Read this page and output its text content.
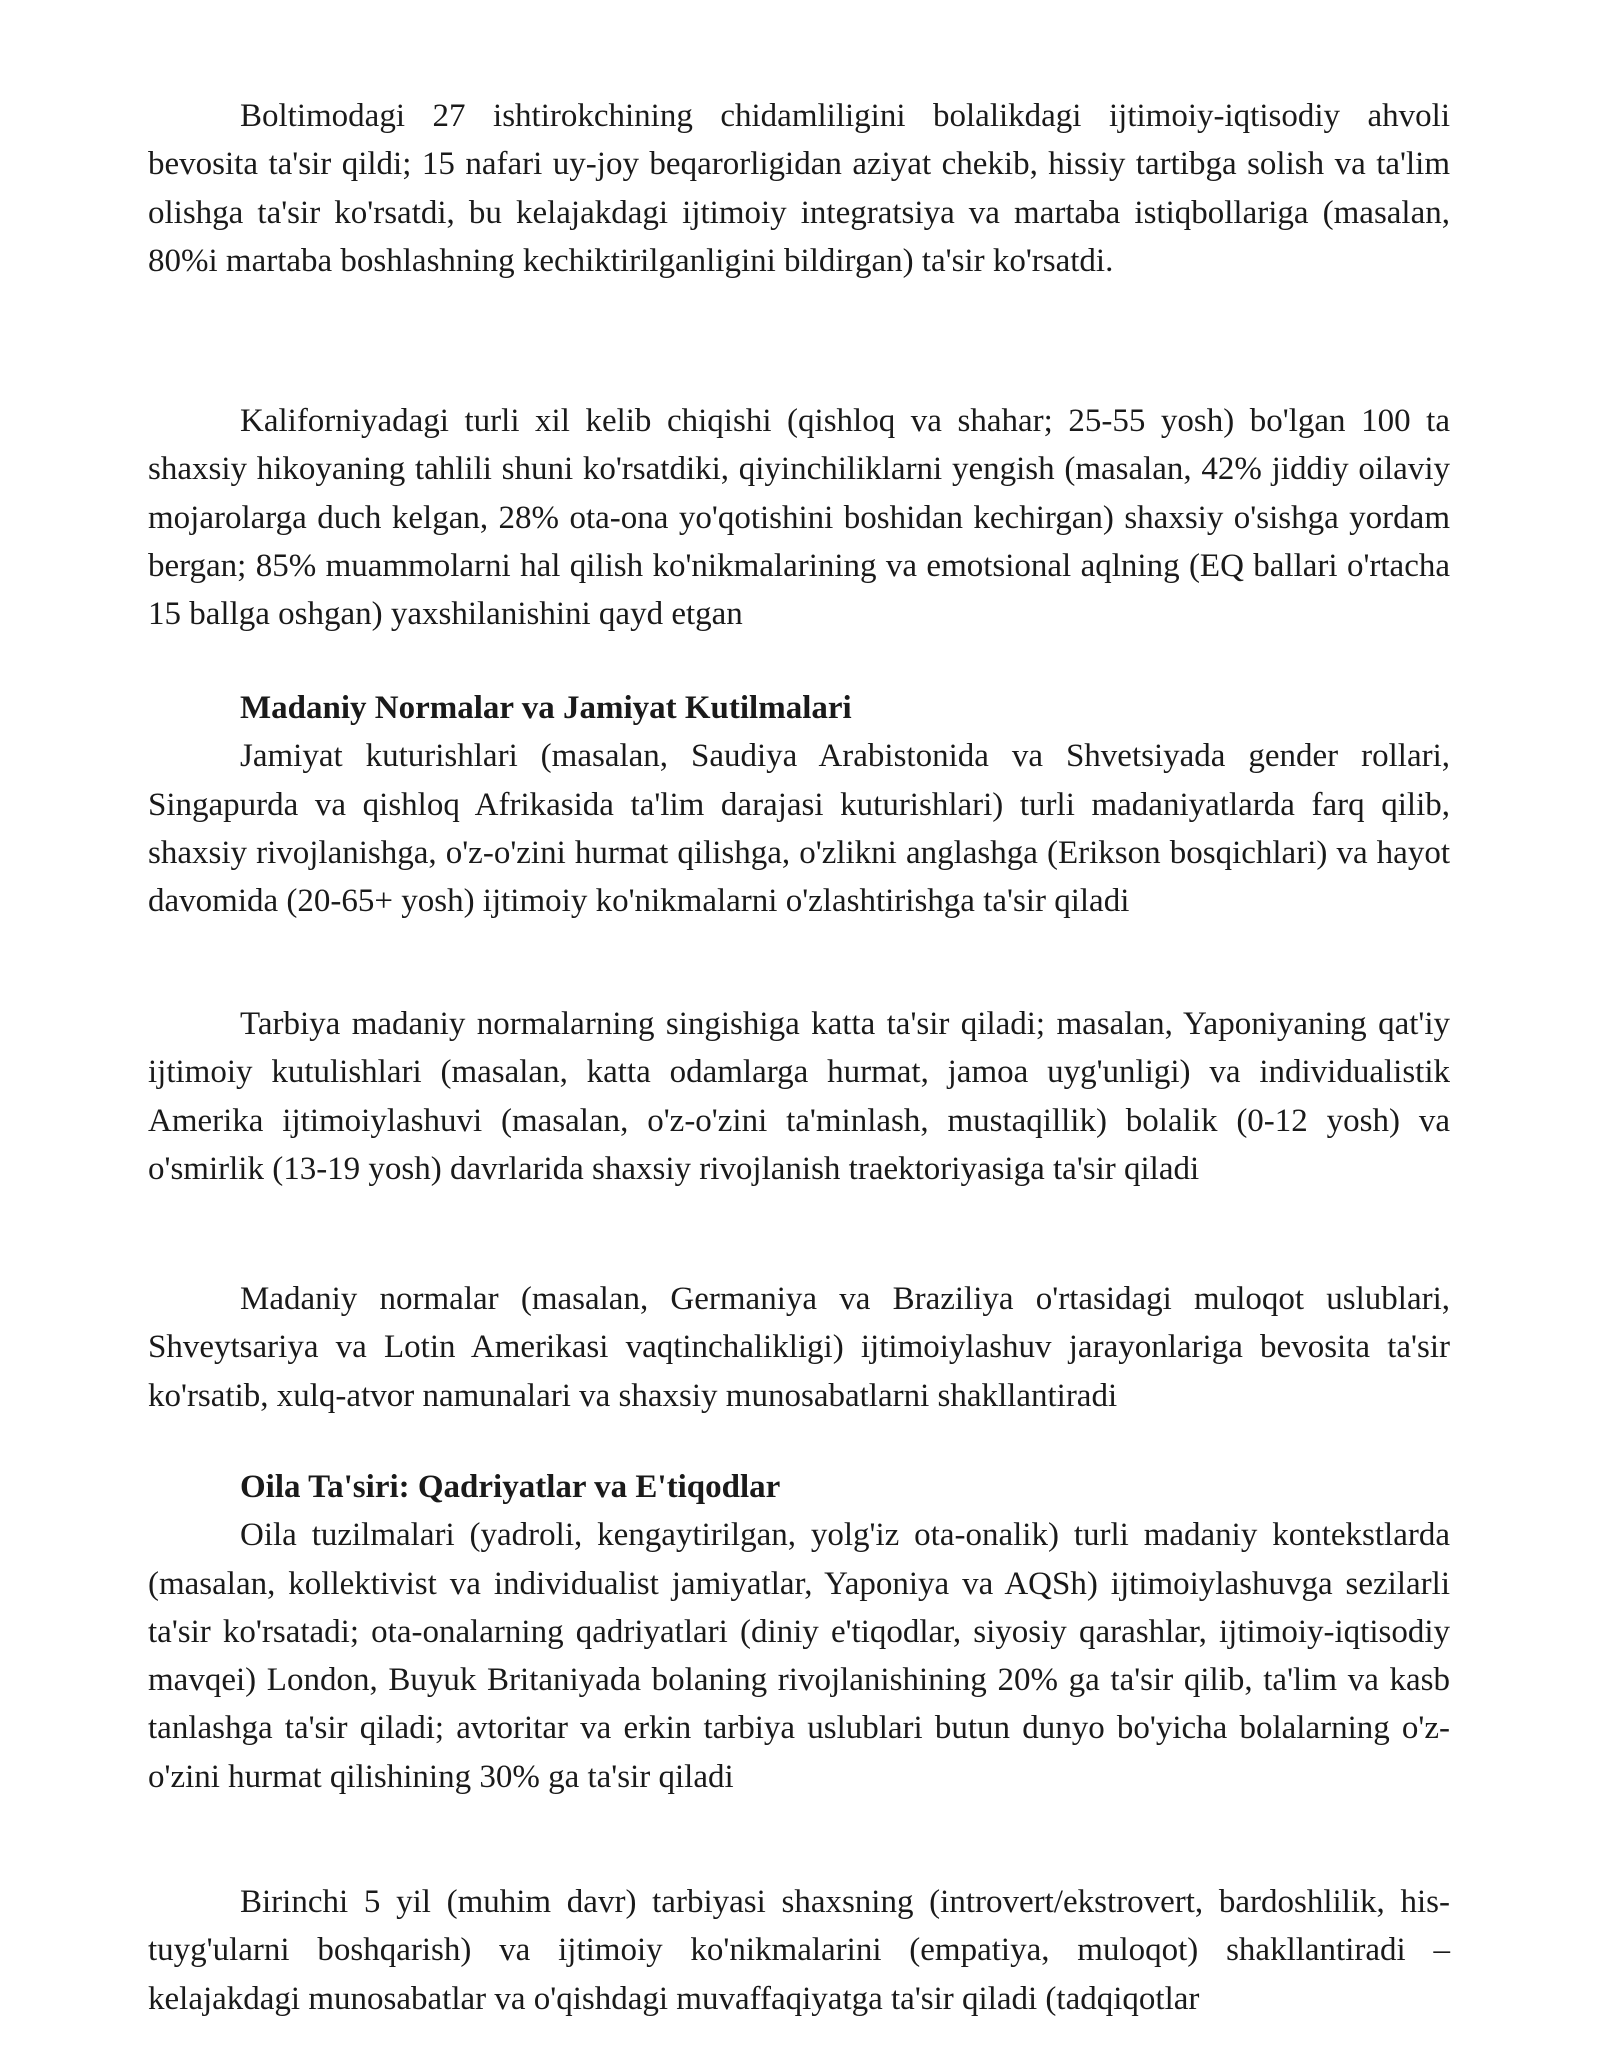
Boltimodagi 27 ishtirokchining chidamliligini bolalikdagi ijtimoiy-iqtisodiy ahvoli bevosita ta'sir qildi; 15 nafari uy-joy beqarorligidan aziyat chekib, hissiy tartibga solish va ta'lim olishga ta'sir ko'rsatdi, bu kelajakdagi ijtimoiy integratsiya va martaba istiqbollariga (masalan, 80%i martaba boshlashning kechiktirilganligini bildirgan) ta'sir ko'rsatdi.

Kaliforniyadagi turli xil kelib chiqishi (qishloq va shahar; 25-55 yosh) bo'lgan 100 ta shaxsiy hikoyaning tahlili shuni ko'rsatdiki, qiyinchiliklarni yengish (masalan, 42% jiddiy oilaviy mojarolarga duch kelgan, 28% ota-ona yo'qotishini boshidan kechirgan) shaxsiy o'sishga yordam bergan; 85% muammolarni hal qilish ko'nikmalarining va emotsional aqlning (EQ ballari o'rtacha 15 ballga oshgan) yaxshilanishini qayd etgan

Madaniy Normalar va Jamiyat Kutilmalari

Jamiyat kuturishlari (masalan, Saudiya Arabistonida va Shvetsiyada gender rollari, Singapurda va qishloq Afrikasida ta'lim darajasi kuturishlari) turli madaniyatlarda farq qilib, shaxsiy rivojlanishga, o'z-o'zini hurmat qilishga, o'zlikni anglashga (Erikson bosqichlari) va hayot davomida (20-65+ yosh) ijtimoiy ko'nikmalarni o'zlashtirishga ta'sir qiladi

Tarbiya madaniy normalarning singishiga katta ta'sir qiladi; masalan, Yaponiyaning qat'iy ijtimoiy kutulishlari (masalan, katta odamlarga hurmat, jamoa uyg'unligi) va individualistik Amerika ijtimoiylashuvi (masalan, o'z-o'zini ta'minlash, mustaqillik) bolalik (0-12 yosh) va o'smirlik (13-19 yosh) davrlarida shaxsiy rivojlanish traektoriyasiga ta'sir qiladi

Madaniy normalar (masalan, Germaniya va Braziliya o'rtasidagi muloqot uslublari, Shveytsariya va Lotin Amerikasi vaqtinchalikligi) ijtimoiylashuv jarayonlariga bevosita ta'sir ko'rsatib, xulq-atvor namunalari va shaxsiy munosabatlarni shakllantiradi

Oila Ta'siri: Qadriyatlar va E'tiqodlar

Oila tuzilmalari (yadroli, kengaytirilgan, yolg'iz ota-onalik) turli madaniy kontekstlarda (masalan, kollektivist va individualist jamiyatlar, Yaponiya va AQSh) ijtimoiylashuvga sezilarli ta'sir ko'rsatadi; ota-onalarning qadriyatlari (diniy e'tiqodlar, siyosiy qarashlar, ijtimoiy-iqtisodiy mavqei) London, Buyuk Britaniyada bolaning rivojlanishining 20% ga ta'sir qilib, ta'lim va kasb tanlashga ta'sir qiladi; avtoritar va erkin tarbiya uslublari butun dunyo bo'yicha bolalarning o'z-o'zini hurmat qilishining 30% ga ta'sir qiladi

Birinchi 5 yil (muhim davr) tarbiyasi shaxsning (introvert/ekstrovert, bardoshlilik, his-tuyg'ularni boshqarish) va ijtimoiy ko'nikmalarini (empatiya, muloqot) shakllantiradi – kelajakdagi munosabatlar va o'qishdagi muvaffaqiyatga ta'sir qiladi (tadqiqotlar
